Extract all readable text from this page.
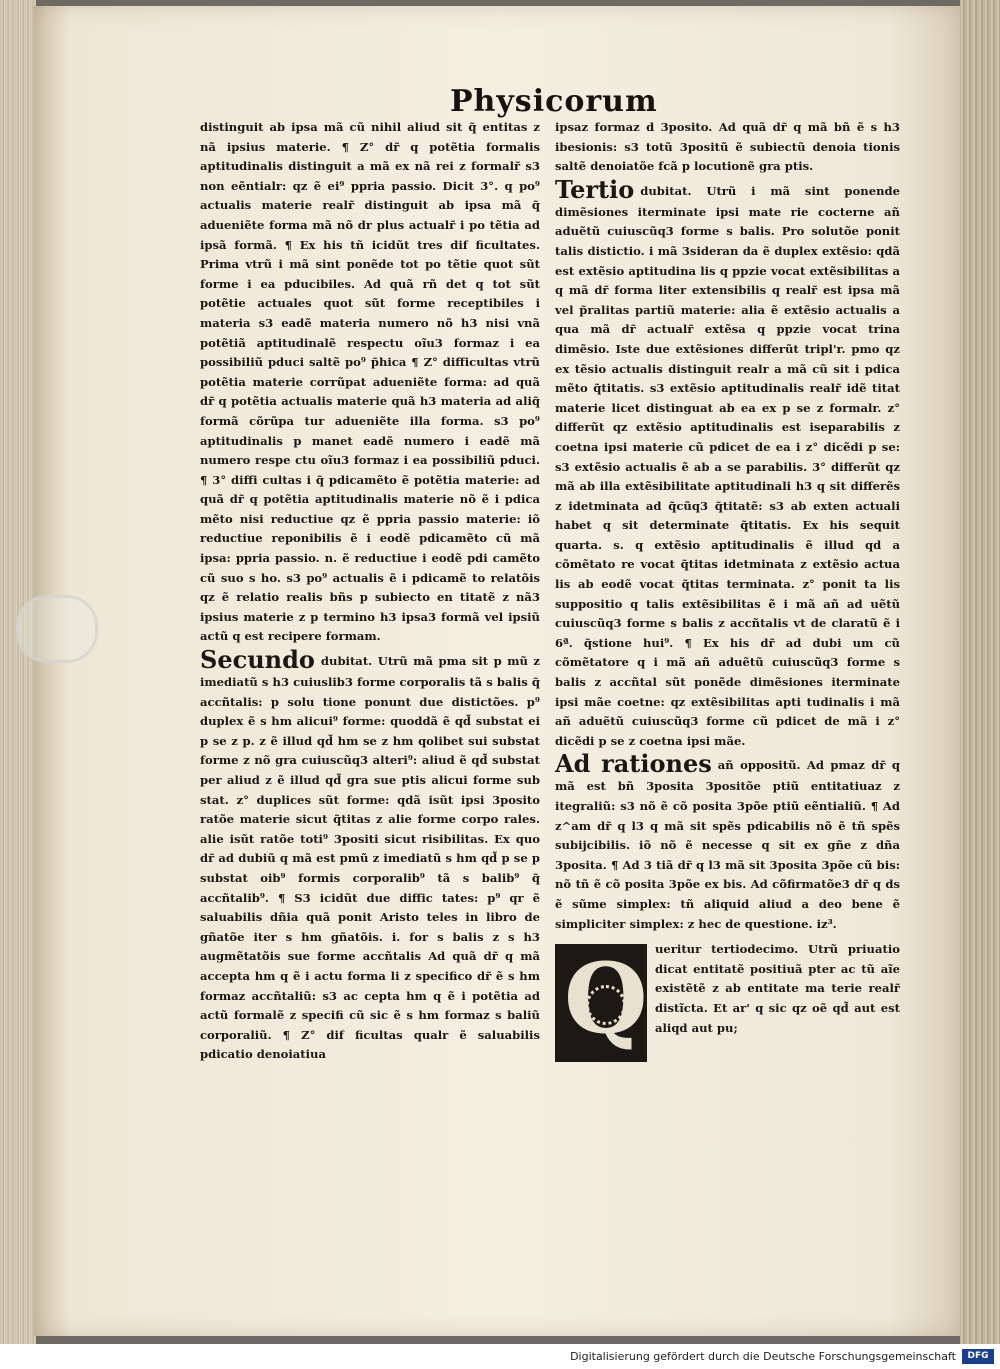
Physicorum

distinguit ab ipsa mã cũ nihil aliud sit q̃ entitas z nã ipsius materie. ¶ Z° dr̃ q potẽtia formalis aptitudinalis distinguit a mã ex nã rei z formalr̃ s3 non eẽntialr: qz ẽ ei⁹ ppria passio. Dicit 3°. q po⁹ actualis materie realr̃ distinguit ab ipsa mã q̃ adueniẽte forma mã nõ dr plus actualr̃ i po tẽtia ad ipsã formã. ¶ Ex his tñ icidũt tres dif ficultates. Prima vtrũ i mã sint ponẽde tot po tẽtie quot sũt forme i ea pducibiles. Ad quã rñ det q tot sũt potẽtie actuales quot sũt forme receptibiles i materia s3 eadẽ materia numero nõ h3 nisi vnã potẽtiã aptitudinalẽ respectu oĩu3 formaz i ea possibiliũ pduci saltẽ po⁹ p̃hica ¶ Z° difficultas vtrũ potẽtia materie corrũpat adueniẽte forma: ad quã dr̃ q potẽtia actualis materie quã h3 materia ad aliq̃ formã cõrũpa tur adueniẽte illa forma. s3 po⁹ aptitudinalis p manet eadẽ numero i eadẽ mã numero respe ctu oĩu3 formaz i ea possibiliũ pduci. ¶ 3° diffi cultas i q̃ pdicamẽto ẽ potẽtia materie: ad quã dr̃ q potẽtia aptitudinalis materie nõ ẽ i pdica mẽto nisi reductiue qz ẽ ppria passio materie: iõ reductiue reponibilis ẽ i eodẽ pdicamẽto cũ mã ipsa: ppria passio. n. ẽ reductiue i eodẽ pdi camẽto cũ suo s ho. s3 po⁹ actualis ẽ i pdicamẽ to relatõis qz ẽ relatio realis bñs p subiecto en titatẽ z nã3 ipsius materie z p termino h3 ipsa3 formã vel ipsiũ actũ q est recipere formam.

Secundo dubitat. Utrũ mã pma sit p mũ z imediatũ s h3 cuiuslib3 forme corporalis tã s balis q̃ accñtalis: p solu tione ponunt due distictões. p⁹ duplex ẽ s hm alicui⁹ forme: quoddã ẽ qd̃ substat ei p se z p. z ẽ illud qd̃ hm se z hm qolibet sui substat forme z nõ gra cuiuscũq3 alteri⁹: aliud ẽ qd̃ substat per aliud z ẽ illud qd̃ gra sue ptis alicui forme sub stat. z° duplices sũt forme: qdã isũt ipsi 3posito ratõe materie sicut q̃titas z alie forme corpo rales. alie isũt ratõe toti⁹ 3positi sicut risibilitas. Ex quo dr̃ ad dubiũ q mã est pmũ z imediatũ s hm qd̃ p se p substat oib⁹ formis corporalib⁹ tã s balib⁹ q̃ accñtalib⁹. ¶ S3 icidũt due diffic tates: p⁹ qr ẽ saluabilis dñia quã ponit Aristo teles in libro de gñatõe iter s hm gñatõis. i. for s balis z s h3 augmẽtatõis sue forme accñtalis Ad quã dr̃ q mã accepta hm q ẽ i actu forma li z specifico dr̃ ẽ s hm formaz accñtaliũ: s3 ac cepta hm q ẽ i potẽtia ad actũ formalẽ z specifi cũ sic ẽ s hm formaz s baliũ corporaliũ. ¶ Z° dif ficultas qualr ẽ saluabilis pdicatio denoiatiua

ipsaz formaz d 3posito. Ad quã dr̃ q mã bñ ẽ s h3 ibesionis: s3 totũ 3positũ ẽ subiectũ denoia tionis saltẽ denoiatõe fcã p locutionẽ gra ptis.

Tertio dubitat. Utrũ i mã sint ponende dimẽsiones iterminate ipsi mate rie cocterne añ aduẽtũ cuiuscũq3 forme s balis. Pro solutõe ponit talis distictio. i mã 3sideran da ẽ duplex extẽsio: qdã est extẽsio aptitudina lis q ppzie vocat extẽsibilitas a q mã dr̃ forma liter extensibilis q realr̃ est ipsa mã vel p̃ralitas partiũ materie: alia ẽ extẽsio actualis a qua mã dr̃ actualr̃ extẽsa q ppzie vocat trina dimẽsio. Iste due extẽsiones differũt tripl'r. pmo qz ex tẽsio actualis distinguit realr a mã cũ sit i pdica mẽto q̃titatis. s3 extẽsio aptitudinalis realr̃ idẽ titat materie licet distinguat ab ea ex p se z formalr. z° differũt qz extẽsio aptitudinalis est iseparabilis z coetna ipsi materie cũ pdicet de ea i z° dicẽdi p se: s3 extẽsio actualis ẽ ab a se parabilis. 3° differũt qz mã ab illa extẽsibilitate aptitudinali h3 q sit differẽs z idetminata ad q̃cũq3 q̃titatẽ: s3 ab exten actuali habet q sit determinate q̃titatis. Ex his sequit quarta. s. q extẽsio aptitudinalis ẽ illud qd a cõmẽtato re vocat q̃titas idetminata z extẽsio actua lis ab eodẽ vocat q̃titas terminata. z° ponit ta lis suppositio q talis extẽsibilitas ẽ i mã añ ad uẽtũ cuiuscũq3 forme s balis z accñtalis vt de claratũ ẽ i 6ª. q̃stione hui⁹. ¶ Ex his dr̃ ad dubi um cũ cõmẽtatore q i mã añ aduẽtũ cuiuscũq3 forme s balis z accñtal sũt ponẽde dimẽsiones iterminate ipsi mãe coetne: qz extẽsibilitas apti tudinalis i mã añ aduẽtũ cuiuscũq3 forme cũ pdicet de mã i z° dicẽdi p se z coetna ipsi mãe.

Ad rationes añ oppositũ. Ad pmaz dr̃ q mã est bñ 3posita 3positõe ptiũ entitatiuaz z itegraliũ: s3 nõ ẽ cõ posita 3põe ptiũ eẽntialiũ. ¶ Ad z^am dr̃ q l3 q mã sit spẽs pdicabilis nõ ẽ tñ spẽs subijcibilis. iõ nõ ẽ necesse q sit ex gñe z dña 3posita. ¶ Ad 3 tiã dr̃ q l3 mã sit 3posita 3põe cũ bis: nõ tñ ẽ cõ posita 3põe ex bis. Ad cõfirmatõe3 dr̃ q ds ẽ sũme simplex: tñ aliquid aliud a deo bene ẽ simpliciter simplex: z hec de questione. iz³.

Q ueritur tertiodecimo. Utrũ priuatio dicat entitatẽ positiuã pter ac tũ aĩe existẽtẽ z ab entitate ma terie realr̃ distĩcta. Et ar' q sic qz oẽ qd̃ aut est aliqd aut pu;

Digitalisierung gefördert durch die Deutsche Forschungsgemeinschaft	DFG
